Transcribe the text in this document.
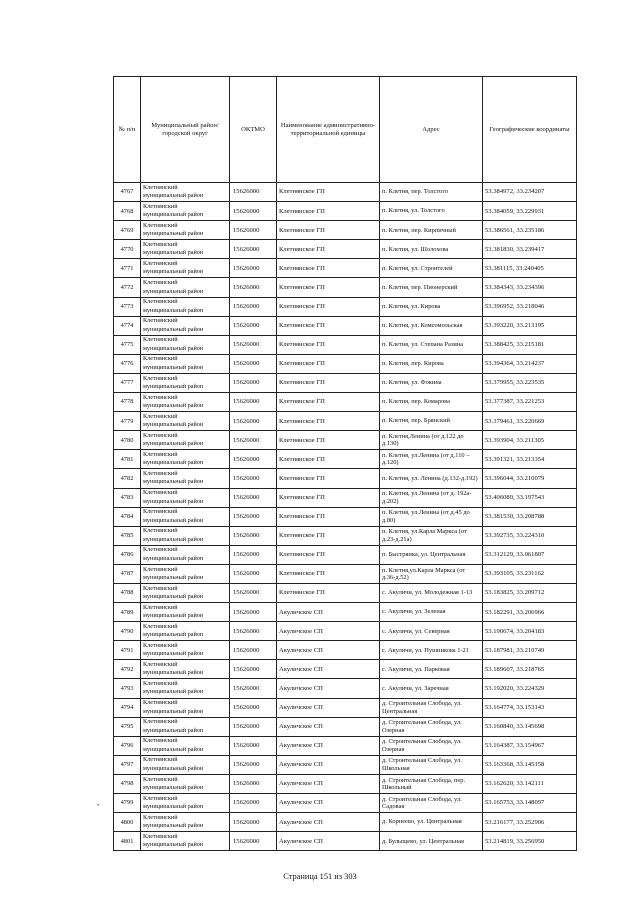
№ п/п	Муниципальный район/городской округ	ОКТМО	Наименование административно-территориальной единицы	Адрес	Географические координаты
4767	Клетнянский
муниципальный район	15626000	Клетнянское ГП	п. Клетня, пер. Толстого	53.384972, 33.234207
4768	Клетнянский
муниципальный район	15626000	Клетнянское ГП	п. Клетня, ул. Толстого	53.384059, 33.229931
4769	Клетнянский
муниципальный район	15626000	Клетнянское ГП	п. Клетня, пер. Кирпичный	53.386561, 33.235186
4770	Клетнянский
муниципальный район	15626000	Клетнянское ГП	п. Клетня, ул. Шолохова	53.381830, 33.239417
4771	Клетнянский
муниципальный район	15626000	Клетнянское ГП	п. Клетня, ул. Строителей	53.381115, 33.240405
4772	Клетнянский
муниципальный район	15626000	Клетнянское ГП	п. Клетня, пер. Пионерский	53.384343, 33.234396
4773	Клетнянский
муниципальный район	15626000	Клетнянское ГП	п. Клетня, ул. Кирова	53.396952, 33.218046
4774	Клетнянский
муниципальный район	15626000	Клетнянское ГП	п. Клетня, ул. Комсомольская	53.393220, 33.213195
4775	Клетнянский
муниципальный район	15626000	Клетнянское ГП	п. Клетня, ул. Степана Разина	53.388425, 33.215181
4776	Клетнянский
муниципальный район	15626000	Клетнянское ГП	п. Клетня, пер. Кирова	53.394364, 33.214237
4777	Клетнянский
муниципальный район	15626000	Клетнянское ГП	п. Клетня, ул. Фокина	53.379955, 33.223535
4778	Клетнянский
муниципальный район	15626000	Клетнянское ГП	п. Клетня, пер. Комарова	53.377387, 33.221253
4779	Клетнянский
муниципальный район	15626000	Клетнянское ГП	п. Клетня, пер. Брянский	53.379461, 33.220669
4780	Клетнянский
муниципальный район	15626000	Клетнянское ГП	п. Клетня,Ленина (от д.122 до д.130)	53.393904, 33.211305
4781	Клетнянский
муниципальный район	15626000	Клетнянское ГП	п. Клетня, ул.Ленина (от д.110 – д.120)	53.391321, 33.213354
4782	Клетнянский
муниципальный район	15626000	Клетнянское ГП	п. Клетня, ул. Ленина (д.132-д.192)	53.396044, 33.210079
4783	Клетнянский
муниципальный район	15626000	Клетнянское ГП	п. Клетня, ул.Ленина (от д. 192а-д.202)	53.406089, 33.197543
4784	Клетнянский
муниципальный район	15626000	Клетнянское ГП	п. Клетня, ул.Ленина (от д.45 до д.80)	53.381530, 33.208788
4785	Клетнянский
муниципальный район	15626000	Клетнянское ГП	п. Клетня, ул.Карла Маркса (от д.23-д.21а)	53.392735, 33.224310
4786	Клетнянский
муниципальный район	15626000	Клетнянское ГП	п. Быстрянка, ул. Центральная	53.312129, 33.061807
4787	Клетнянский
муниципальный район	15626000	Клетнянское ГП	п. Клетня,ул.Карла Маркса (от д.36-д.52)	53.393105, 33.231162
4788	Клетнянский
муниципальный район	15626000	Клетнянское ГП	с. Акуличи, ул. Молодежная 1-13	53.183825, 33.209712
4789	Клетнянский
муниципальный район	15626000	Акуличское СП	с. Акуличи, ул. Зеленая	53.182291, 33.206966
4790	Клетнянский
муниципальный район	15626000	Акуличское СП	с. Акуличи, ул. Северная	53.190674, 33.204183
4791	Клетнянский
муниципальный район	15626000	Акуличское СП	с. Акуличи, ул. Пушникова 1-21	53.187981, 33.210749
4792	Клетнянский
муниципальный район	15626000	Акуличское СП	с. Акуличи, ул. Парковая	53.189607, 33.218765
4793	Клетнянский
муниципальный район	15626000	Акуличское СП	с. Акуличи, ул. Заречная	53.192020, 33.224329
4794	Клетнянский
муниципальный район	15626000	Акуличское СП	д. Строительная Слобода, ул. Центральная	53.164774, 33.153143
4795	Клетнянский
муниципальный район	15626000	Акуличское СП	д. Строительная Слобода, ул. Озерная	53.160840, 33.145698
4796	Клетнянский
муниципальный район	15626000	Акуличское СП	д. Строительная Слобода, ул. Озерная	53.164387, 33.154967
4797	Клетнянский
муниципальный район	15626000	Акуличское СП	д. Строительная Слобода, ул. Школьная	53.163368, 33.145158
4798	Клетнянский
муниципальный район	15626000	Акуличское СП	д. Строительная Слобода, пер. Школьный	53.162620, 33.142111
4799	Клетнянский
муниципальный район	15626000	Акуличское СП	д. Строительная Слобода, ул. Садовая	53.165753, 33.148097
4800	Клетнянский
муниципальный район	15626000	Акуличское СП	д. Корнеево, ул. Центральная	53.216177, 33.252906
4801	Клетнянский
муниципальный район	15626000	Акуличское СП	д. Булыщево, ул. Центральная	53.214819, 33.256950
•
·
Страница 151 из 303
